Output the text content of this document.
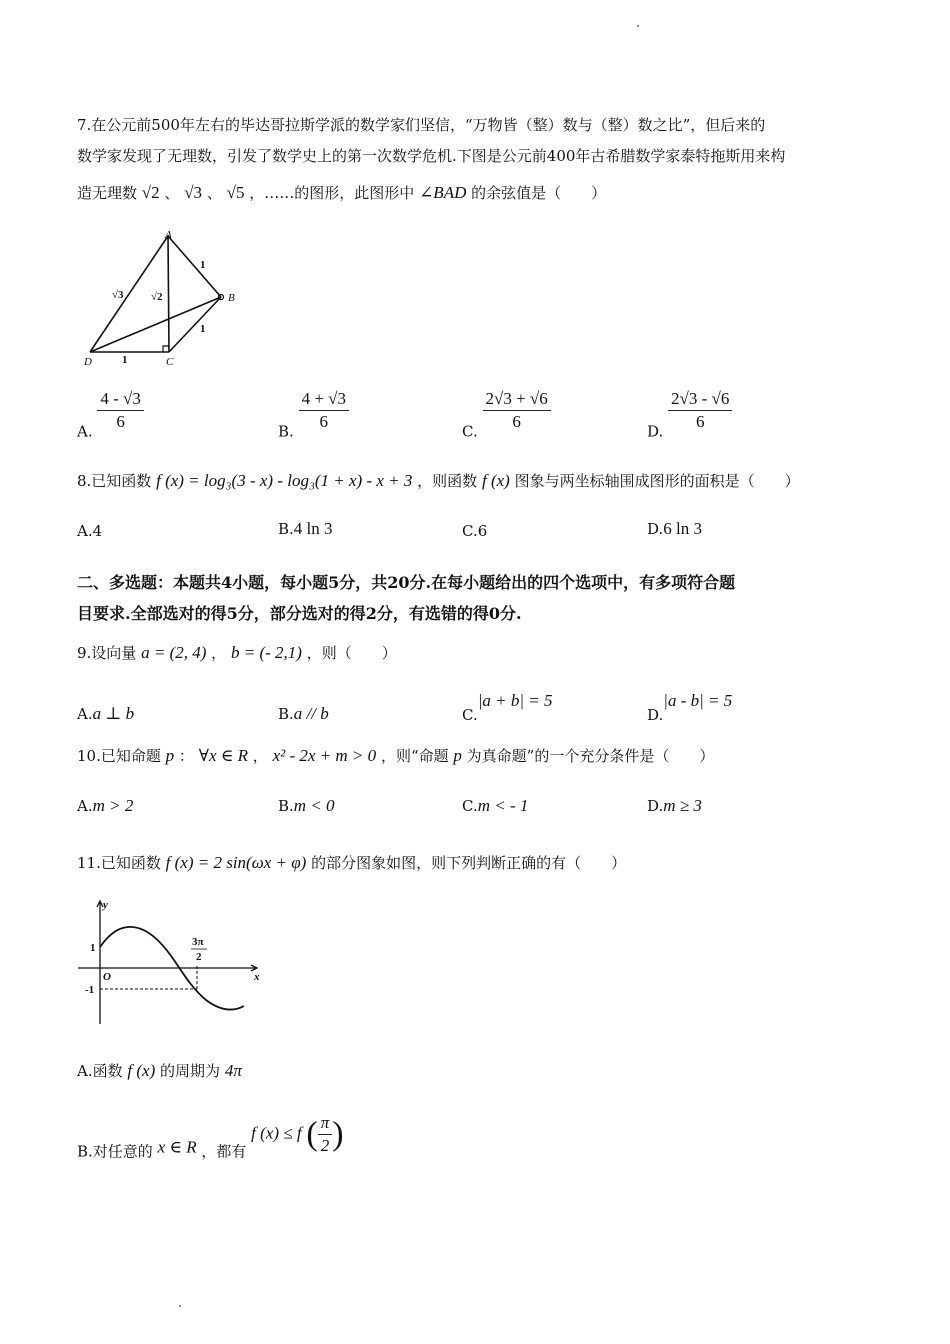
7.在公元前500年左右的毕达哥拉斯学派的数学家们坚信，“万物皆（整）数与（整）数之比”，但后来的
数学家发现了无理数，引发了数学史上的第一次数学危机.下图是公元前400年古希腊数学家泰特拖斯用来构
造无理数 √2 、 √3 、 √5 ，……的图形，此图形中 ∠BAD 的余弦值是（　　）
A
B
C
D
1
1
1
√3 √2
A. $\frac{4 - √3}{6}$	B. $\frac{4 + √3}{6}$	C. $\frac{2√3 + √6}{6}$	D. $\frac{2√3 - √6}{6}$
8.已知函数 f (x) = log₃(3 - x) - log₃(1 + x) - x + 3 ，则函数 f (x) 图象与两坐标轴围成图形的面积是（　　）
A.4	B.4 ln 3	C.6	D.6 ln 3
二、多选题：本题共4小题，每小题5分，共20分.在每小题给出的四个选项中，有多项符合题
目要求.全部选对的得5分，部分选对的得2分，有选错的得0分.
9.设向量 a = (2, 4) ， b = (- 2,1) ，则（　　）
A.a ⊥ b	B.a // b	C.|a + b| = 5
D.|a - b| = 5
10.已知命题 p ： ∀x ∈ R ， x² - 2x + m > 0 ，则“命题 p 为真命题”的一个充分条件是（　　）
A.m > 2	B.m < 0	C.m < - 1	D.m ≥ 3
11.已知函数 f (x) = 2 sin(ωx + φ) 的部分图象如图，则下列判断正确的有（　　）
y
x
O
1
-1
3π
2
A.函数 f (x) 的周期为 4π
B.对任意的 x ∈ R ，都有 f (x) ≤ f ( $\frac{\pi}{2}$ )
